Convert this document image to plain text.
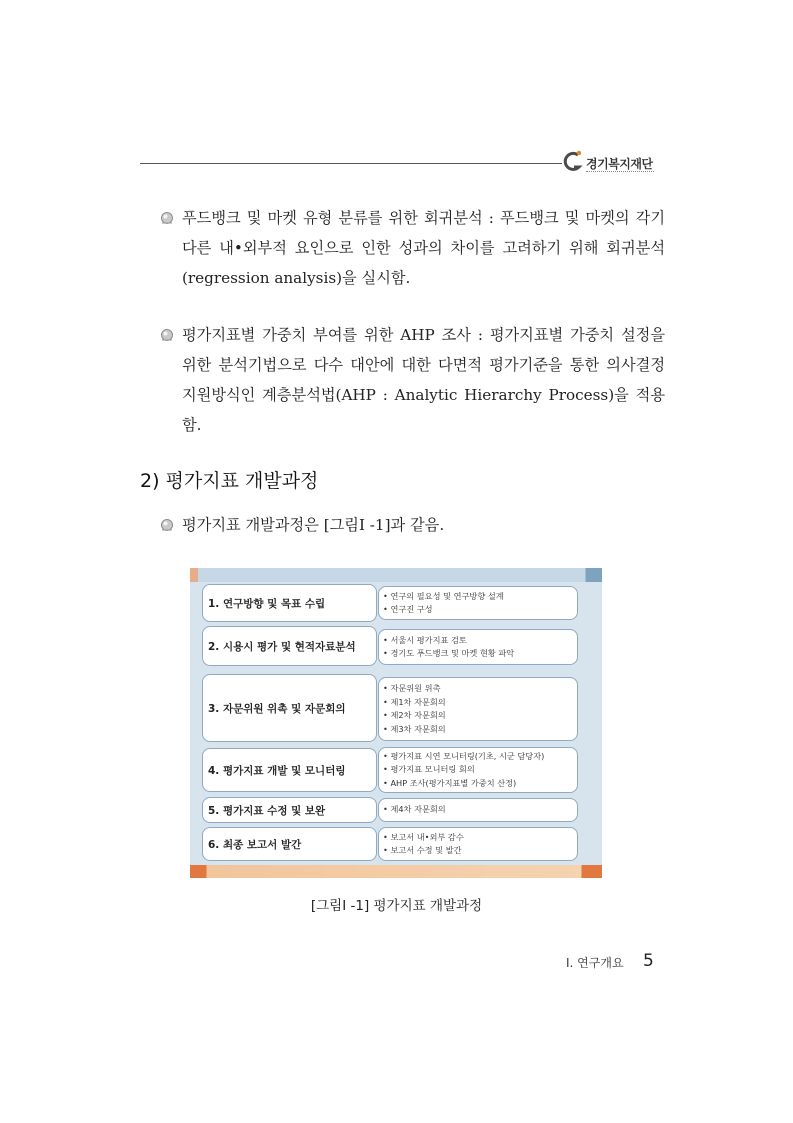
경기복지재단
푸드뱅크 및 마켓 유형 분류를 위한 회귀분석 : 푸드뱅크 및 마켓의 각기 다른 내•외부적 요인으로 인한 성과의 차이를 고려하기 위해 회귀분석(regression analysis)을 실시함.
평가지표별 가중치 부여를 위한 AHP 조사 : 평가지표별 가중치 설정을 위한 분석기법으로 다수 대안에 대한 다면적 평가기준을 통한 의사결정 지원방식인 계층분석법(AHP : Analytic Hierarchy Process)을 적용함.
2) 평가지표 개발과정
평가지표 개발과정은 [그림Ⅰ -1]과 같음.
1. 연구방향 및 목표 수립
• 연구의 필요성 및 연구방향 설계
• 연구진 구성
2. 시용시 평가 및 현적자료분석
• 서울시 평가지표 검토
• 경기도 푸드뱅크 및 마켓 현황 파악
3. 자문위원 위촉 및 자문회의
• 자문위원 위촉
• 제1차 자문회의
• 제2차 자문회의
• 제3차 자문회의
4. 평가지표 개발 및 모니터링
• 평가지표 시연 모니터링(기초, 시군 담당자)
• 평가지표 모니터링 회의
• AHP 조사(평가지표별 가중치 산정)
5. 평가지표 수정 및 보완
•	제4차 자문회의
6. 최종 보고서 발간
• 보고서 내•외부 감수
• 보고서 수정 및 발간
[그림Ⅰ -1] 평가지표 개발과정
Ⅰ. 연구개요 5
